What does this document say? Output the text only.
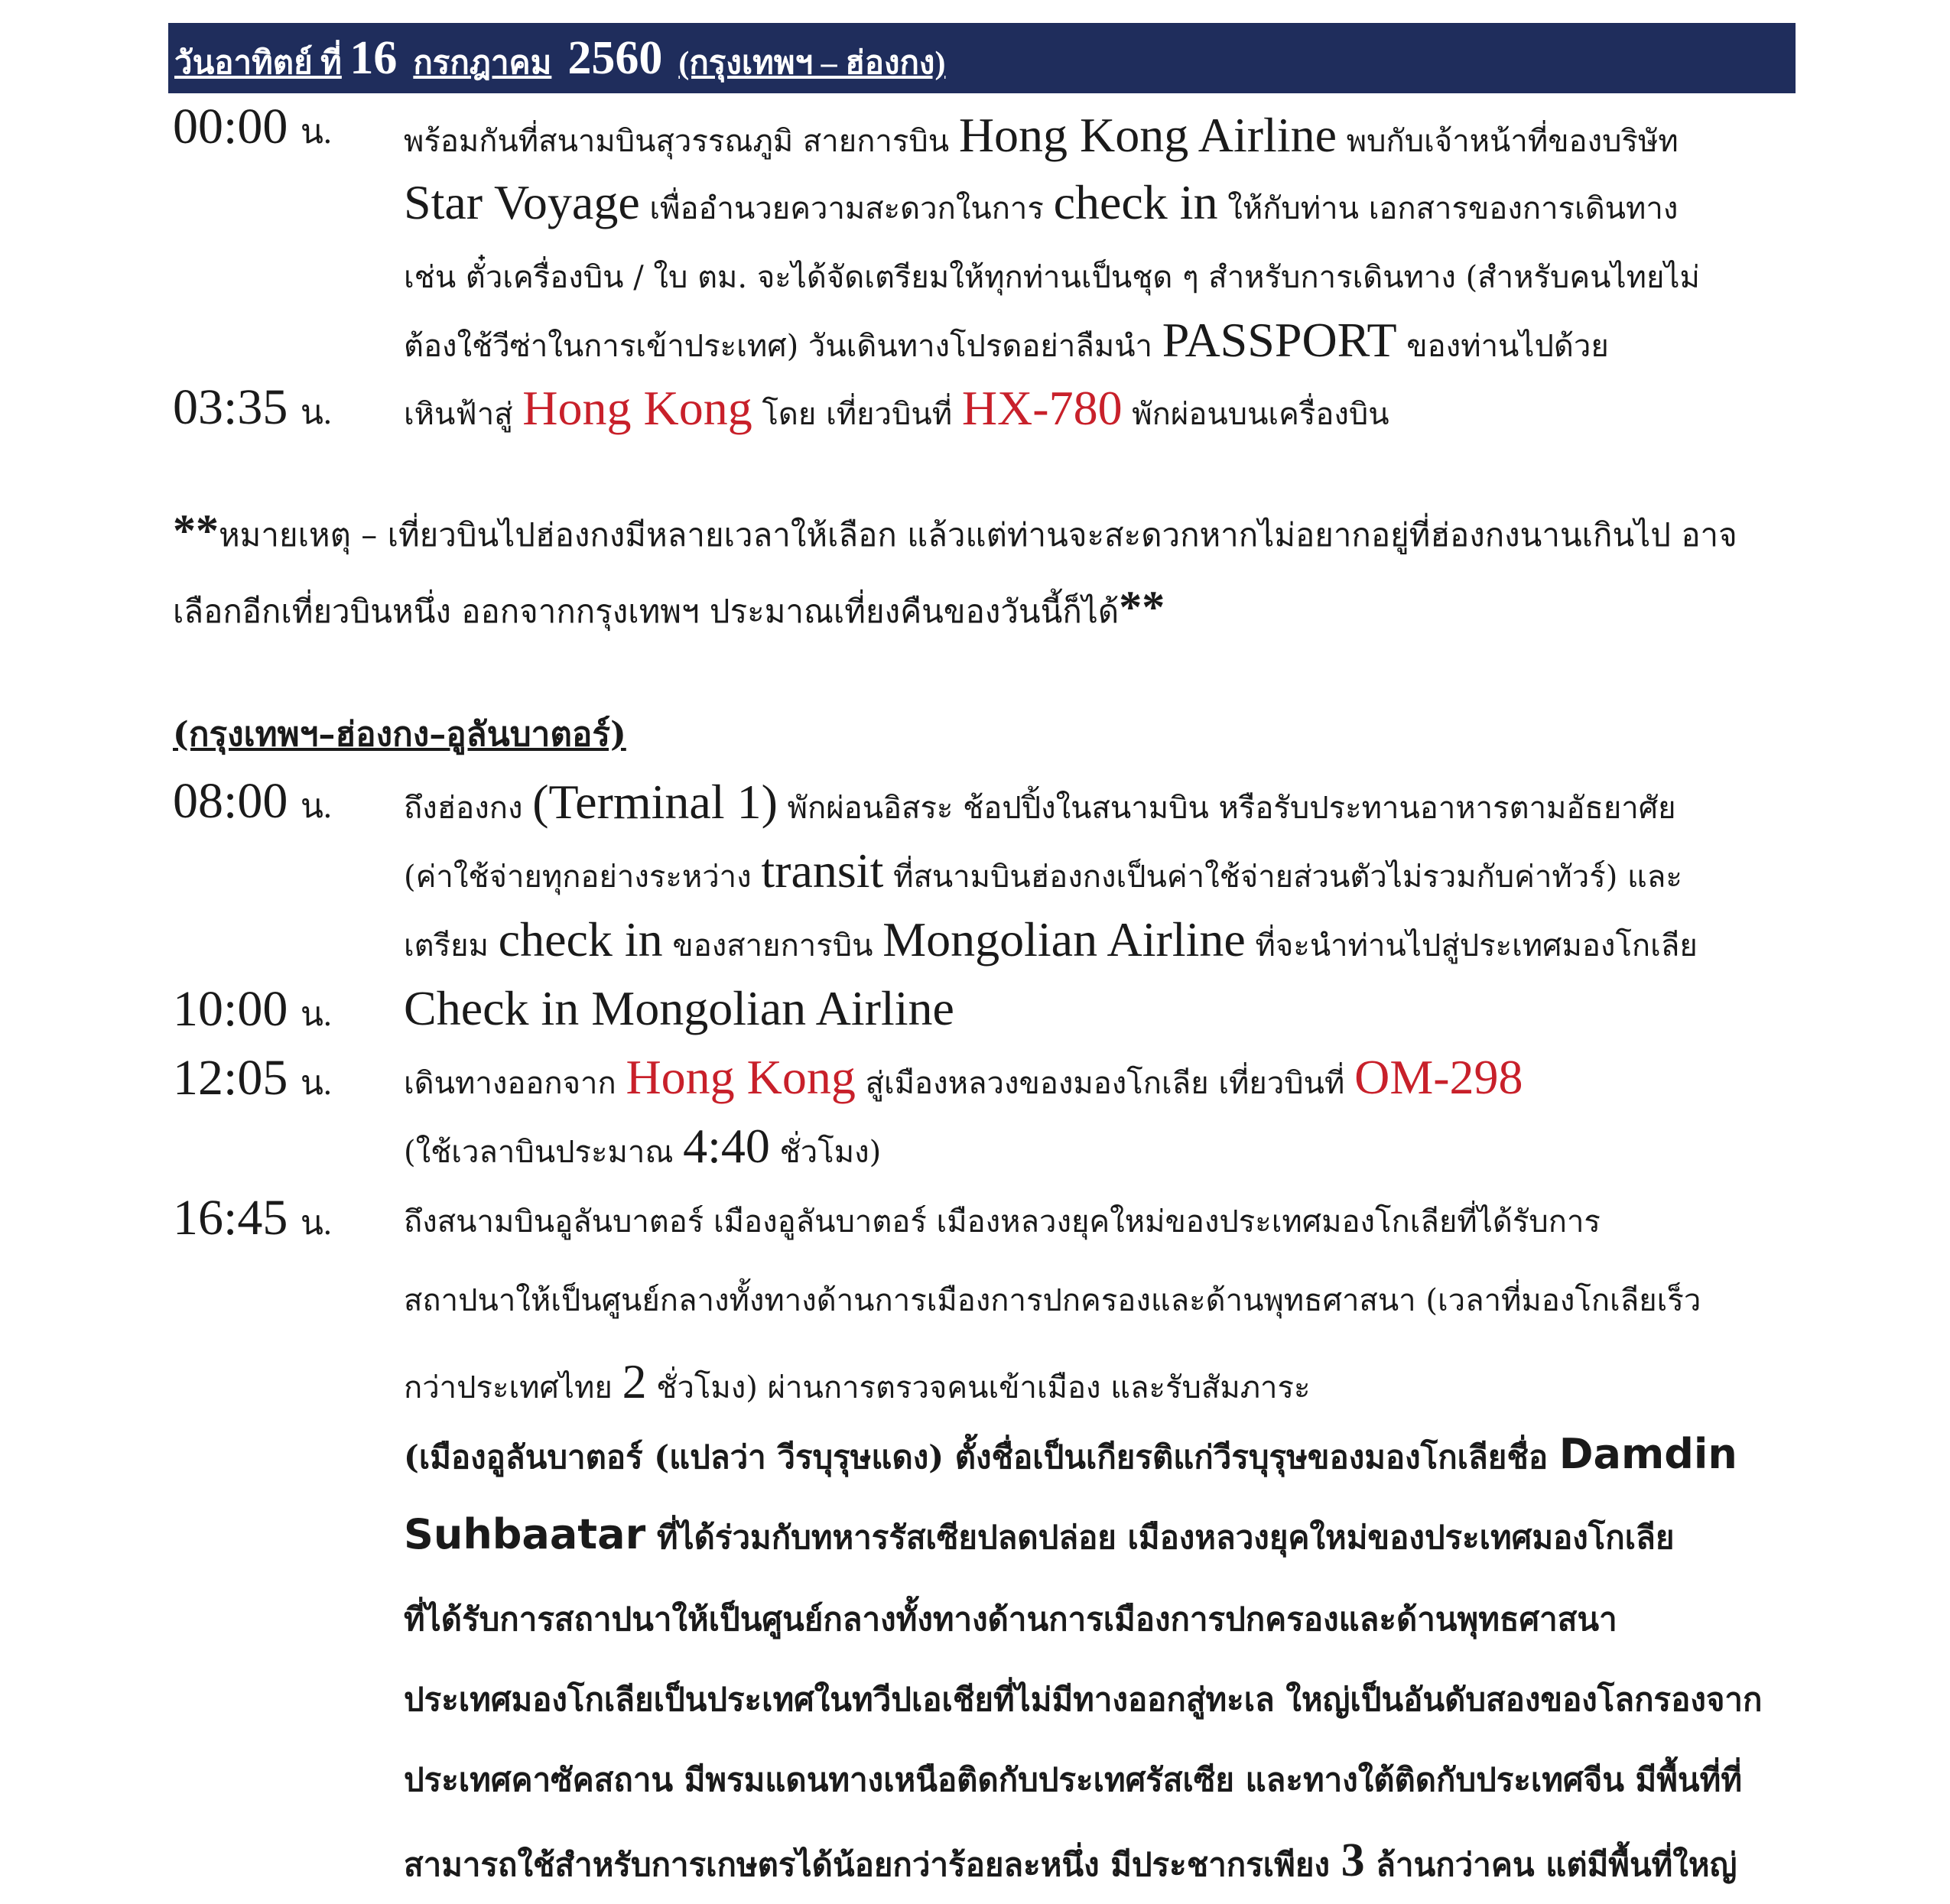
วันอาทิตย์ ที่ 16 กรกฎาคม 2560 (กรุงเทพฯ – ฮ่องกง)
00:00 น. พร้อมกันที่สนามบินสุวรรณภูมิ สายการบิน Hong Kong Airline พบกับเจ้าหน้าที่ของบริษัท
Star Voyage เพื่ออำนวยความสะดวกในการ check in ให้กับท่าน เอกสารของการเดินทาง
เช่น ตั๋วเครื่องบิน / ใบ ตม. จะได้จัดเตรียมให้ทุกท่านเป็นชุด ๆ สำหรับการเดินทาง (สำหรับคนไทยไม่
ต้องใช้วีซ่าในการเข้าประเทศ) วันเดินทางโปรดอย่าลืมนำ PASSPORT ของท่านไปด้วย
03:35 น. เหินฟ้าสู่ Hong Kong โดย เที่ยวบินที่ HX-780 พักผ่อนบนเครื่องบิน
**หมายเหตุ – เที่ยวบินไปฮ่องกงมีหลายเวลาให้เลือก แล้วแต่ท่านจะสะดวกหากไม่อยากอยู่ที่ฮ่องกงนานเกินไป อาจ
เลือกอีกเที่ยวบินหนึ่ง ออกจากกรุงเทพฯ ประมาณเที่ยงคืนของวันนี้ก็ได้**
(กรุงเทพฯ–ฮ่องกง–อูลันบาตอร์)
08:00 น. ถึงฮ่องกง (Terminal 1) พักผ่อนอิสระ ช้อปปิ้งในสนามบิน หรือรับประทานอาหารตามอัธยาศัย
(ค่าใช้จ่ายทุกอย่างระหว่าง transit ที่สนามบินฮ่องกงเป็นค่าใช้จ่ายส่วนตัวไม่รวมกับค่าทัวร์) และ
เตรียม check in ของสายการบิน Mongolian Airline ที่จะนำท่านไปสู่ประเทศมองโกเลีย
10:00 น. Check in Mongolian Airline
12:05 น. เดินทางออกจาก Hong Kong สู่เมืองหลวงของมองโกเลีย เที่ยวบินที่ OM-298
(ใช้เวลาบินประมาณ 4:40 ชั่วโมง)
16:45 น. ถึงสนามบินอูลันบาตอร์ เมืองอูลันบาตอร์ เมืองหลวงยุคใหม่ของประเทศมองโกเลียที่ได้รับการ
สถาปนาให้เป็นศูนย์กลางทั้งทางด้านการเมืองการปกครองและด้านพุทธศาสนา (เวลาที่มองโกเลียเร็ว
กว่าประเทศไทย 2 ชั่วโมง) ผ่านการตรวจคนเข้าเมือง และรับสัมภาระ
(เมืองอูลันบาตอร์ (แปลว่า วีรบุรุษแดง) ตั้งชื่อเป็นเกียรติแก่วีรบุรุษของมองโกเลียชื่อ Damdin
Suhbaatar ที่ได้ร่วมกับทหารรัสเซียปลดปล่อย เมืองหลวงยุคใหม่ของประเทศมองโกเลีย
ที่ได้รับการสถาปนาให้เป็นศูนย์กลางทั้งทางด้านการเมืองการปกครองและด้านพุทธศาสนา
ประเทศมองโกเลียเป็นประเทศในทวีปเอเชียที่ไม่มีทางออกสู่ทะเล ใหญ่เป็นอันดับสองของโลกรองจาก
ประเทศคาซัคสถาน มีพรมแดนทางเหนือติดกับประเทศรัสเซีย และทางใต้ติดกับประเทศจีน มีพื้นที่ที่
สามารถใช้สำหรับการเกษตรได้น้อยกว่าร้อยละหนึ่ง มีประชากรเพียง 3 ล้านกว่าคน แต่มีพื้นที่ใหญ่
